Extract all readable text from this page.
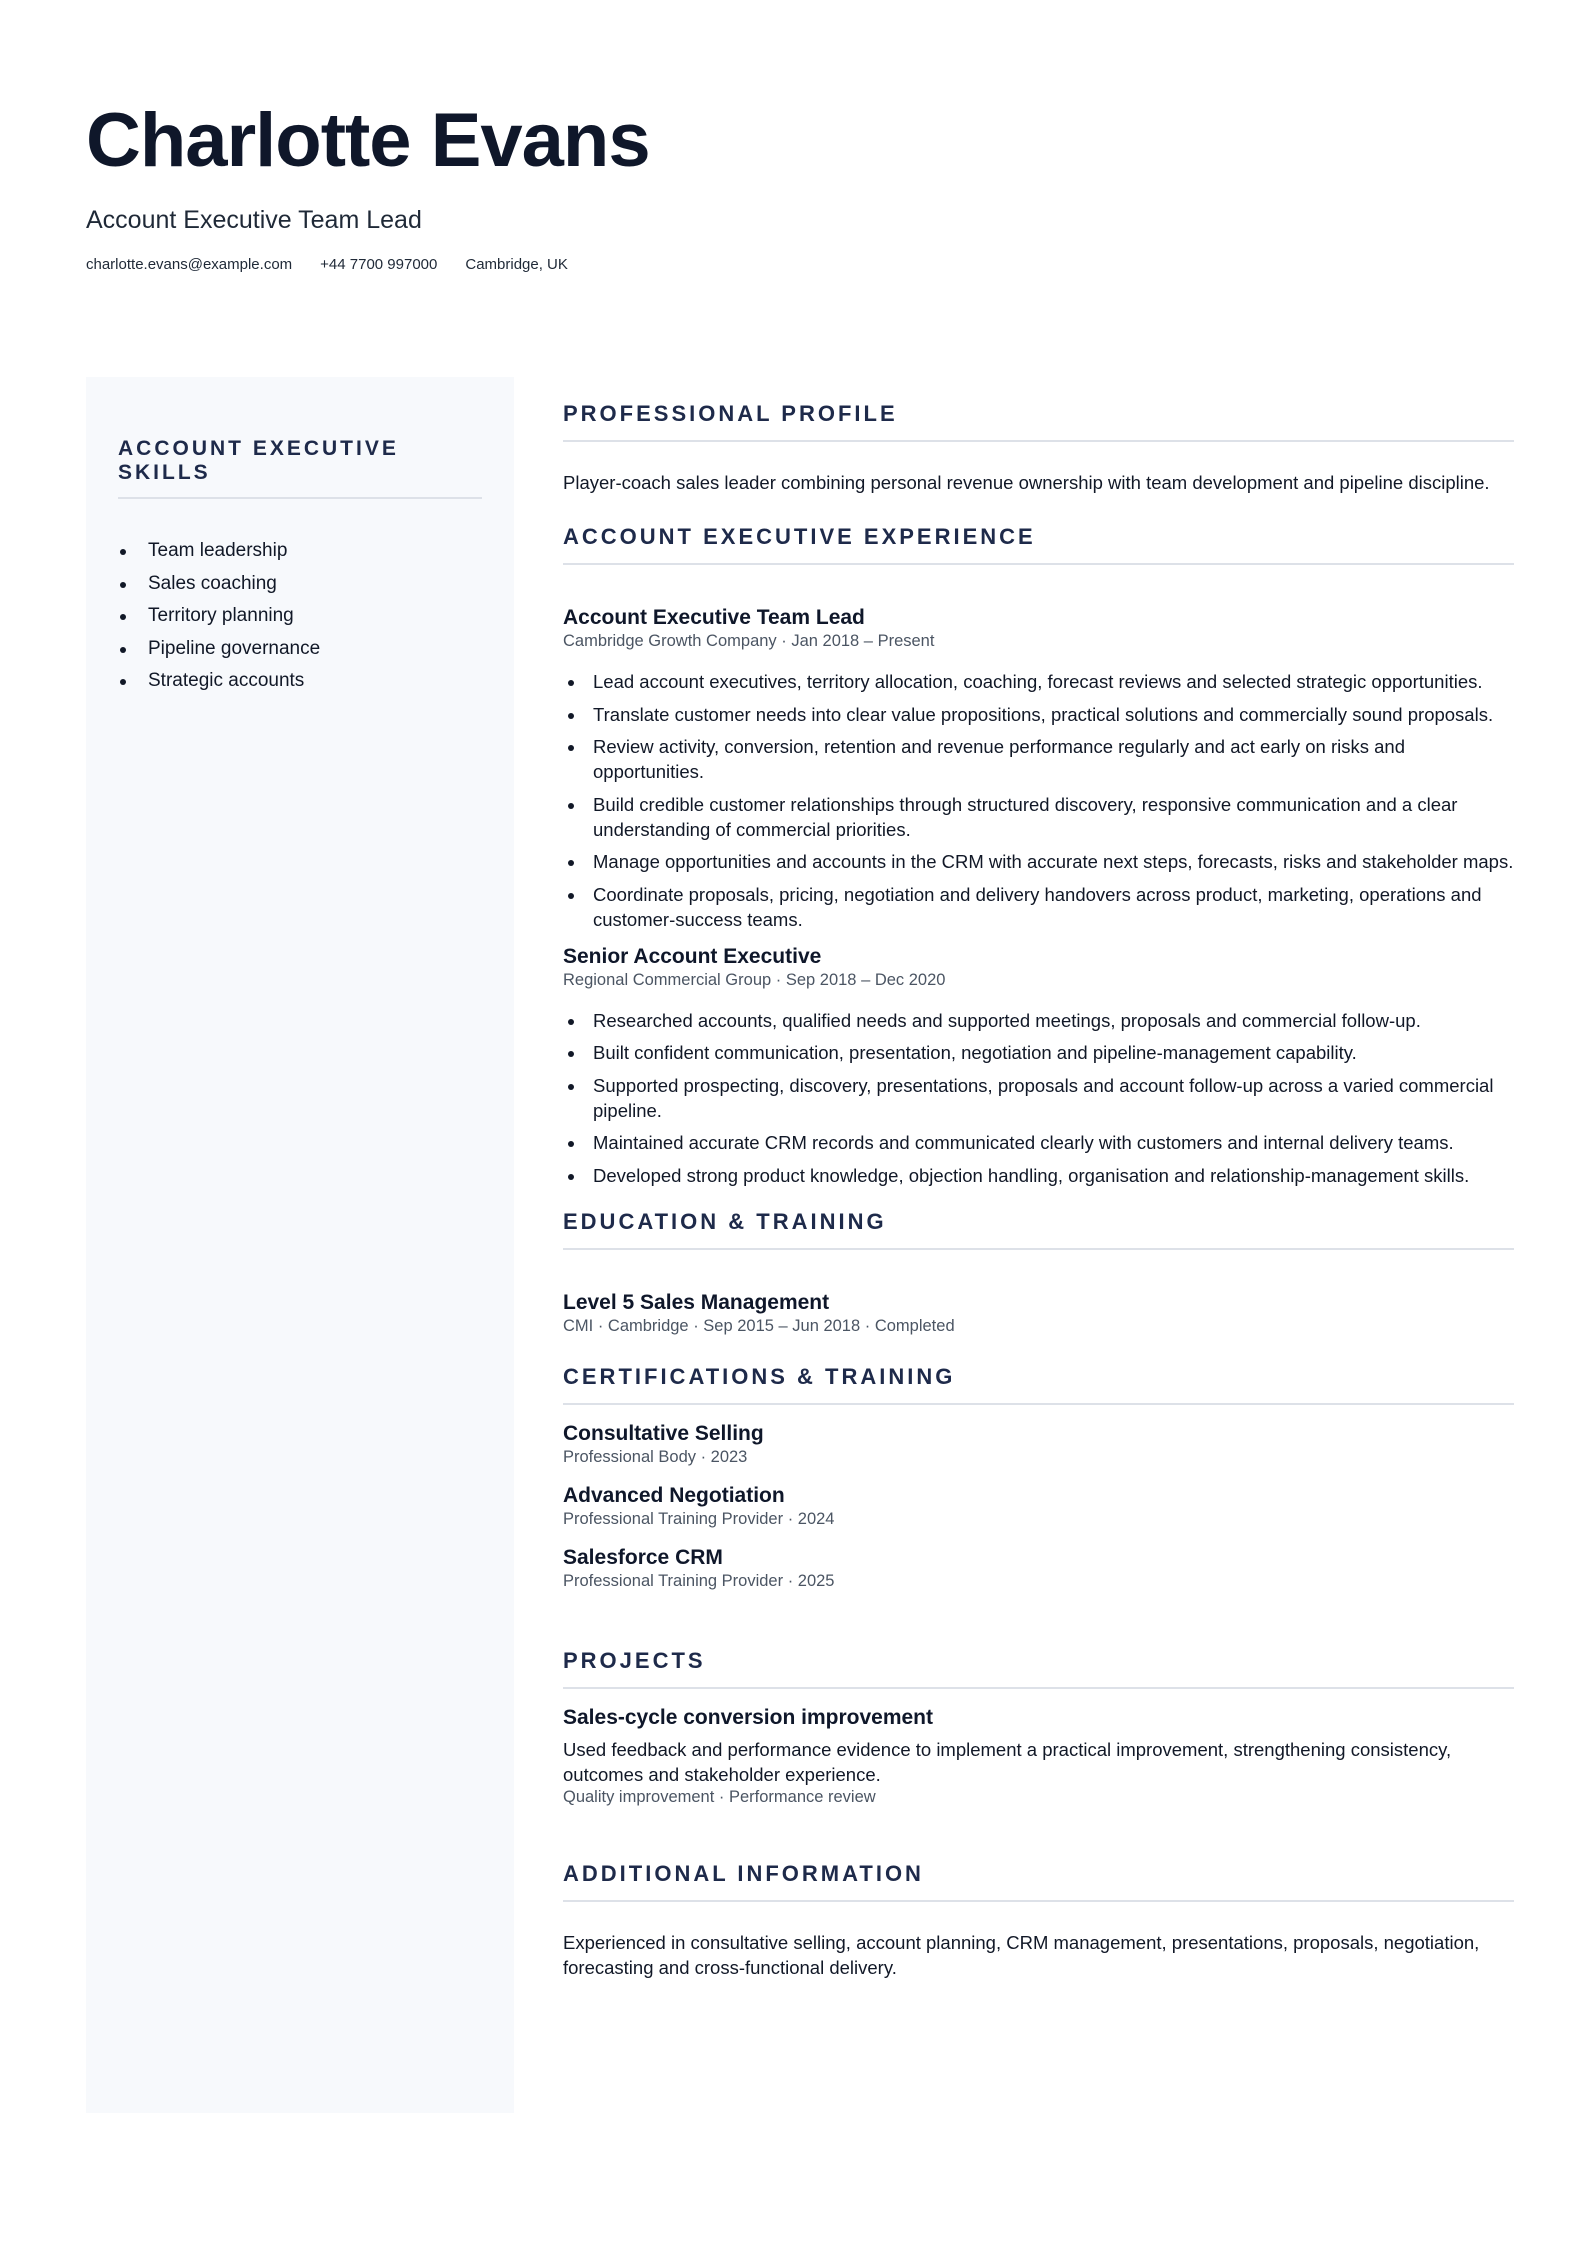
Charlotte Evans
Account Executive Team Lead
charlotte.evans@example.com +44 7700 997000 Cambridge, UK
ACCOUNT EXECUTIVE SKILLS
Team leadership
Sales coaching
Territory planning
Pipeline governance
Strategic accounts
PROFESSIONAL PROFILE

Player-coach sales leader combining personal revenue ownership with team development and pipeline discipline.

ACCOUNT EXECUTIVE EXPERIENCE
Account Executive Team Lead
Cambridge Growth Company · Jan 2018 – Present
Lead account executives, territory allocation, coaching, forecast reviews and selected strategic opportunities.
Translate customer needs into clear value propositions, practical solutions and commercially sound proposals.
Review activity, conversion, retention and revenue performance regularly and act early on risks and opportunities.
Build credible customer relationships through structured discovery, responsive communication and a clear understanding of commercial priorities.
Manage opportunities and accounts in the CRM with accurate next steps, forecasts, risks and stakeholder maps.
Coordinate proposals, pricing, negotiation and delivery handovers across product, marketing, operations and customer-success teams.
Senior Account Executive
Regional Commercial Group · Sep 2018 – Dec 2020
Researched accounts, qualified needs and supported meetings, proposals and commercial follow-up.
Built confident communication, presentation, negotiation and pipeline-management capability.
Supported prospecting, discovery, presentations, proposals and account follow-up across a varied commercial pipeline.
Maintained accurate CRM records and communicated clearly with customers and internal delivery teams.
Developed strong product knowledge, objection handling, organisation and relationship-management skills.
EDUCATION & TRAINING
Level 5 Sales Management
CMI · Cambridge · Sep 2015 – Jun 2018 · Completed
CERTIFICATIONS & TRAINING
Consultative Selling
Professional Body · 2023
Advanced Negotiation
Professional Training Provider · 2024
Salesforce CRM
Professional Training Provider · 2025
PROJECTS
Sales-cycle conversion improvement

Used feedback and performance evidence to implement a practical improvement, strengthening consistency, outcomes and stakeholder experience.

Quality improvement · Performance review
ADDITIONAL INFORMATION

Experienced in consultative selling, account planning, CRM management, presentations, proposals, negotiation, forecasting and cross-functional delivery.
